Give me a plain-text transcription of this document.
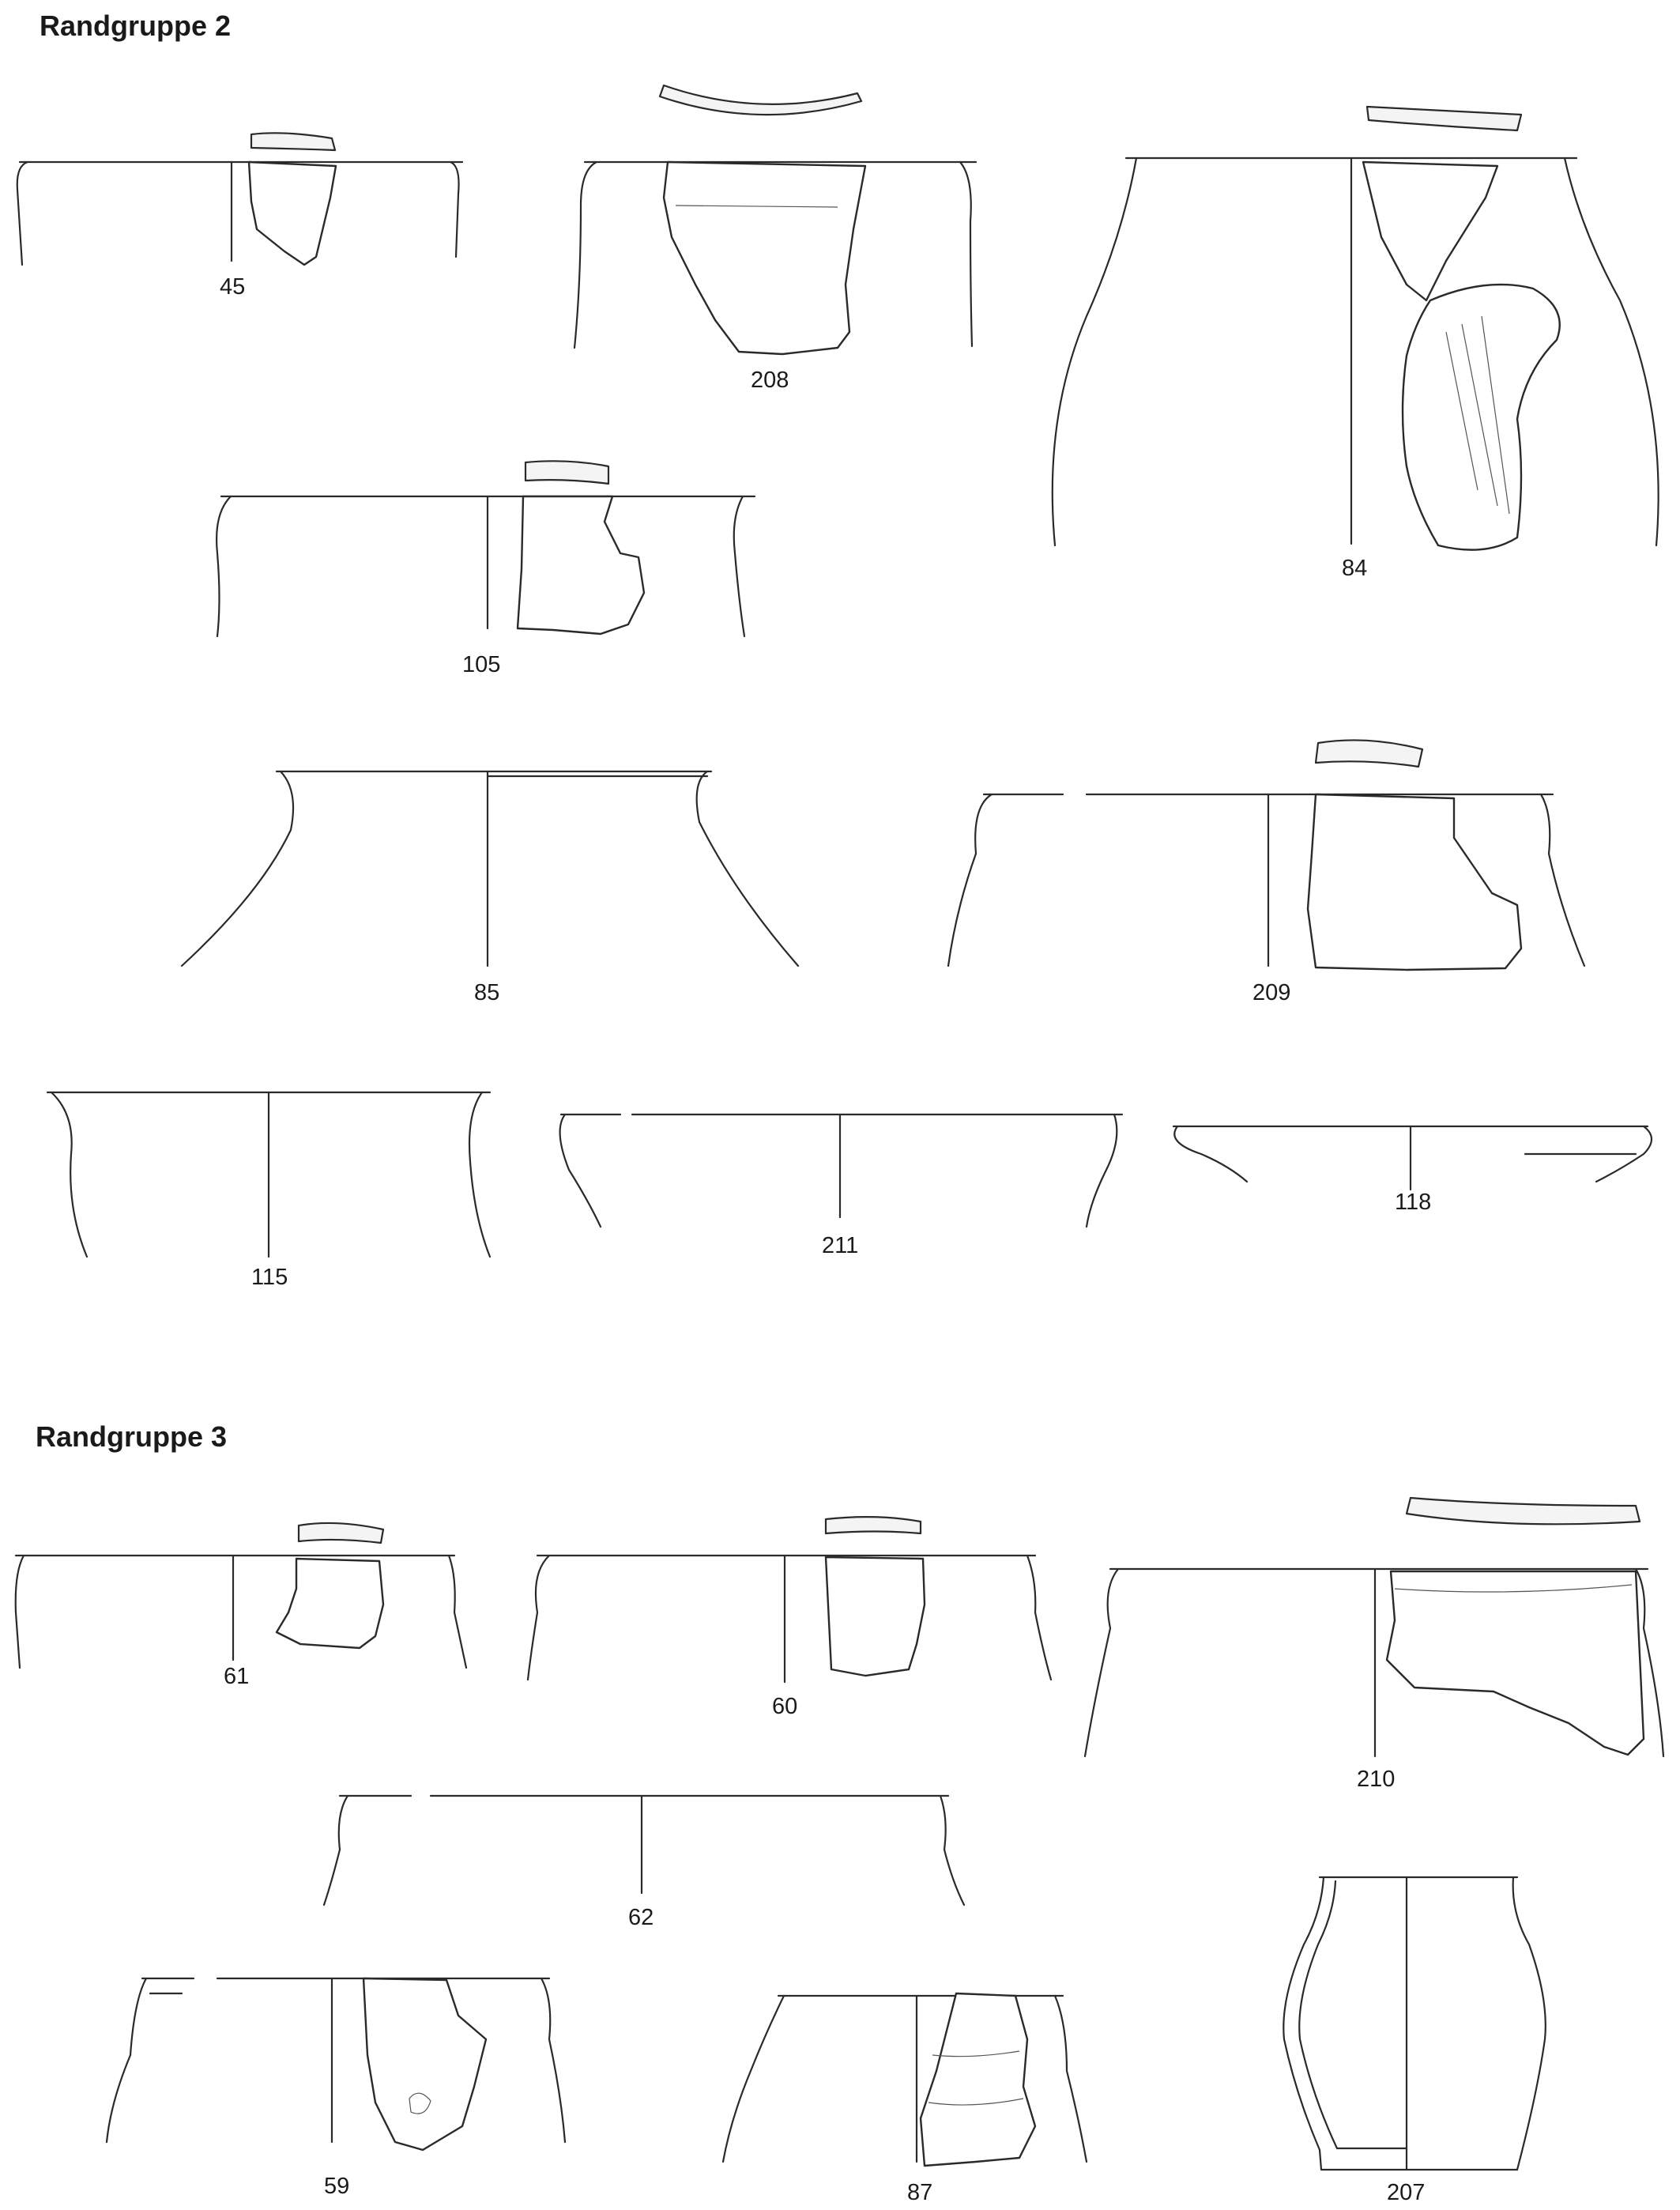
Randgruppe 2
Randgruppe 3
45
208
84
105
85	209
115
211
118
61
60
210
62
59	87	207
